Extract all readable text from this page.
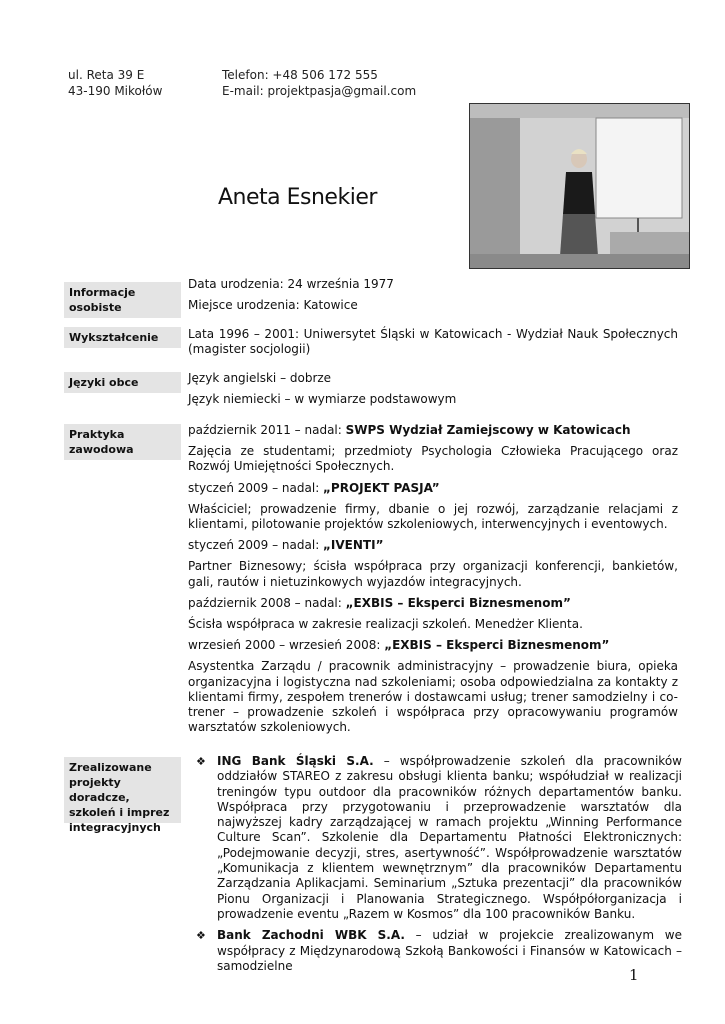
ul. Reta 39 E
43-190 Mikołów
Telefon: +48 506 172 555
E-mail: projektpasja@gmail.com
Aneta Esnekier
Informacje osobiste
Wykształcenie
Języki obce
Praktyka zawodowa
Zrealizowane projekty doradcze, szkoleń i imprez integracyjnych

Data urodzenia: 24 września 1977

Miejsce urodzenia: Katowice

Lata 1996 – 2001: Uniwersytet Śląski w Katowicach - Wydział Nauk Społecznych (magister socjologii)

Język angielski – dobrze

Język niemiecki – w wymiarze podstawowym

październik 2011 – nadal: SWPS Wydział Zamiejscowy w Katowicach

Zajęcia ze studentami; przedmioty Psychologia Człowieka Pracującego oraz Rozwój Umiejętności Społecznych.

styczeń 2009 – nadal: „PROJEKT PASJA”

Właściciel; prowadzenie firmy, dbanie o jej rozwój, zarządzanie relacjami z klientami, pilotowanie projektów szkoleniowych, interwencyjnych i eventowych.

styczeń 2009 – nadal: „IVENTI”

Partner Biznesowy; ścisła współpraca przy organizacji konferencji, bankietów, gali, rautów i nietuzinkowych wyjazdów integracyjnych.

październik 2008 – nadal: „EXBIS – Eksperci Biznesmenom”

Ścisła współpraca w zakresie realizacji szkoleń. Menedżer Klienta.

wrzesień 2000 – wrzesień 2008: „EXBIS – Eksperci Biznesmenom”

Asystentka Zarządu / pracownik administracyjny – prowadzenie biura, opieka organizacyjna i logistyczna nad szkoleniami; osoba odpowiedzialna za kontakty z klientami firmy, zespołem trenerów i dostawcami usług; trener samodzielny i co-trener – prowadzenie szkoleń i współpraca przy opracowywaniu programów warsztatów szkoleniowych.

❖ ING Bank Śląski S.A. – współprowadzenie szkoleń dla pracowników oddziałów STAREO z zakresu obsługi klienta banku; współudział w realizacji treningów typu outdoor dla pracowników różnych departamentów banku. Współpraca przy przygotowaniu i przeprowadzenie warsztatów dla najwyższej kadry zarządzającej w ramach projektu „Winning Performance Culture Scan”. Szkolenie dla Departamentu Płatności Elektronicznych: „Podejmowanie decyzji, stres, asertywność”. Współprowadzenie warsztatów „Komunikacja z klientem wewnętrznym” dla pracowników Departamentu Zarządzania Aplikacjami. Seminarium „Sztuka prezentacji” dla pracowników Pionu Organizacji i Planowania Strategicznego. Współpółorganizacja i prowadzenie eventu „Razem w Kosmos” dla 100 pracowników Banku.
❖ Bank Zachodni WBK S.A. – udział w projekcie zrealizowanym we współpracy z Międzynarodową Szkołą Bankowości i Finansów w Katowicach – samodzielne
1
